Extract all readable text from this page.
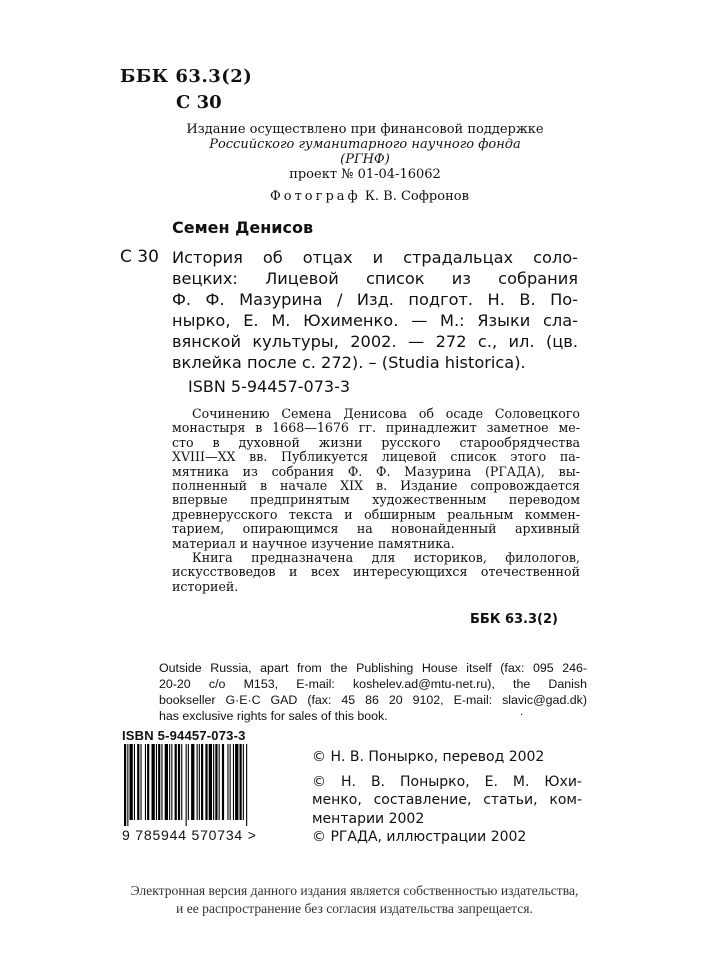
ББК 63.3(2)
С 30
Издание осуществлено при финансовой поддержке
Российского гуманитарного научного фонда
(РГНФ)
проект № 01-04-16062
Фотограф К. В. Софронов
Семен Денисов
С 30 История об отцах и страдальцах соло-
вецких: Лицевой список из собрания
Ф. Ф. Мазурина / Изд. подгот. Н. В. По-
нырко, Е. М. Юхименко. — М.: Языки сла-
вянской культуры, 2002. — 272 с., ил. (цв.
вклейка после с. 272). – (Studia historica).
ISBN 5-94457-073-3
Сочинению Семена Денисова об осаде Соловецкого
монастыря в 1668—1676 гг. принадлежит заметное ме-
сто в духовной жизни русского старообрядчества
XVIII—XX вв. Публикуется лицевой список этого па-
мятника из собрания Ф. Ф. Мазурина (РГАДА), вы-
полненный в начале XIX в. Издание сопровождается
впервые предпринятым художественным переводом
древнерусского текста и обширным реальным коммен-
тарием, опирающимся на новонайденный архивный
материал и научное изучение памятника.
Книга предназначена для историков, филологов,
искусствоведов и всех интересующихся отечественной
историей.
ББК 63.3(2)
Outside Russia, apart from the Publishing House itself (fax: 095 246-
20-20 c/o M153, E-mail: koshelev.ad@mtu-net.ru), the Danish
bookseller G·E·C GAD (fax: 45 86 20 9102, E-mail: slavic@gad.dk)
has exclusive rights for sales of this book.	·
ISBN 5-94457-073-3
9 785944 570734 >
© Н. В. Понырко, перевод 2002
© Н. В. Понырко, Е. М. Юхи-
менко, составление, статьи, ком-
ментарии 2002
© РГАДА, иллюстрации 2002
Электронная версия данного издания является собственностью издательства,
и ее распространение без согласия издательства запрещается.
